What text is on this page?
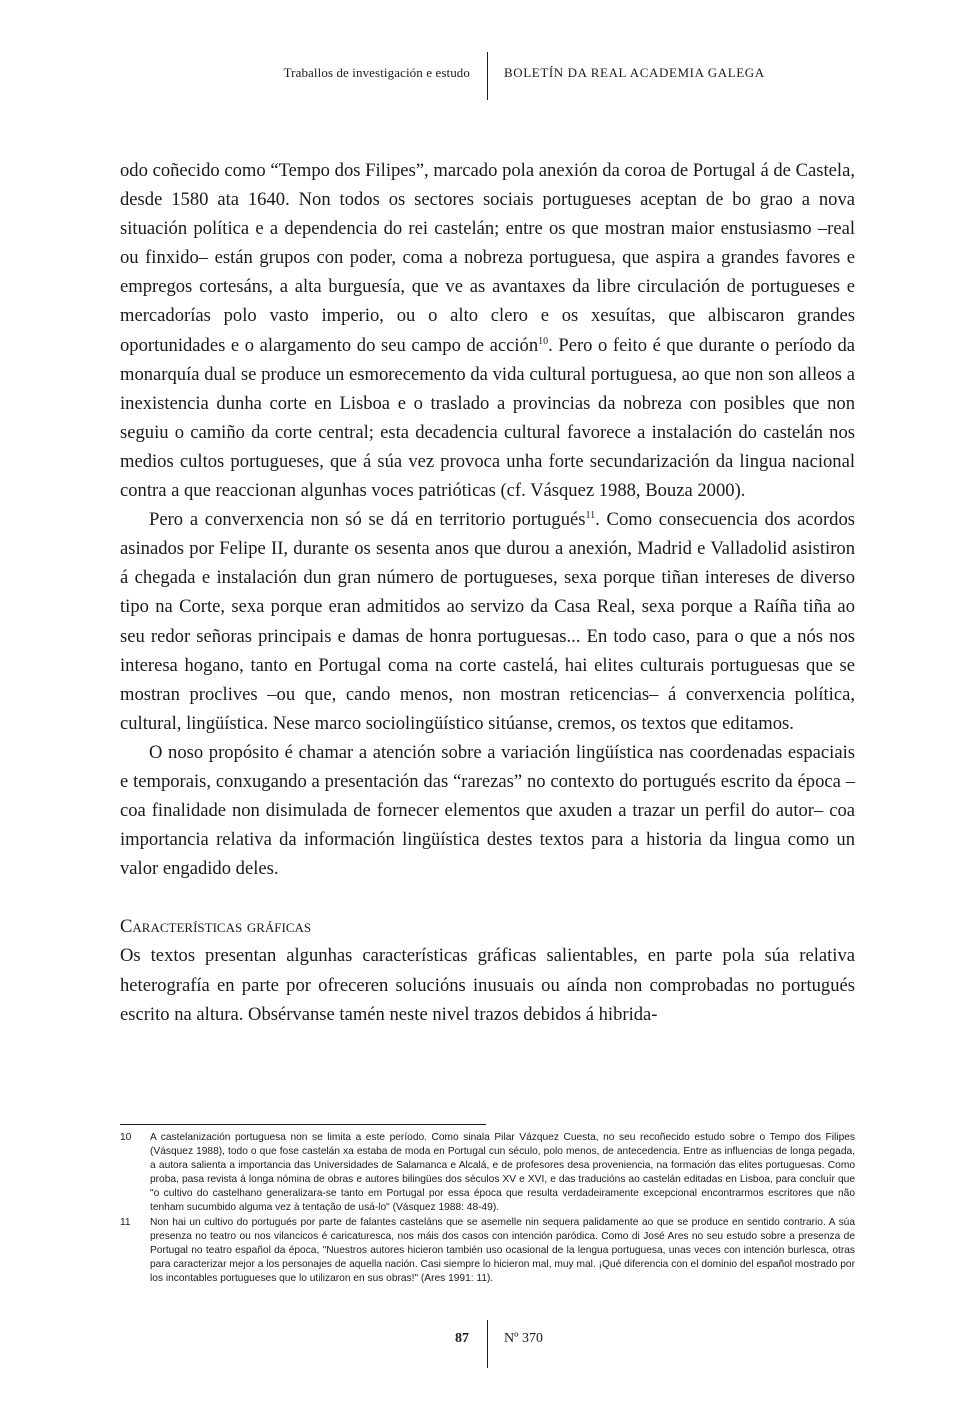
Traballos de investigación e estudo	BOLETÍN DA REAL ACADEMIA GALEGA

odo coñecido como “Tempo dos Filipes”, marcado pola anexión da coroa de Portugal á de Castela, desde 1580 ata 1640. Non todos os sectores sociais portugueses aceptan de bo grao a nova situación política e a dependencia do rei castelán; entre os que mostran maior enstusiasmo –real ou finxido– están grupos con poder, coma a nobreza portuguesa, que aspira a grandes favores e empregos cortesáns, a alta burguesía, que ve as avantaxes da libre circulación de portugueses e mercadorías polo vasto imperio, ou o alto clero e os xesuítas, que albiscaron grandes oportunidades e o alargamento do seu campo de acción$^{10}$. Pero o feito é que durante o período da monarquía dual se produce un esmorecemento da vida cultural portuguesa, ao que non son alleos a inexistencia dunha corte en Lisboa e o traslado a provincias da nobreza con posibles que non seguiu o camiño da corte central; esta decadencia cultural favorece a instalación do castelán nos medios cultos portugueses, que á súa vez provoca unha forte secundarización da lingua nacional contra a que reaccionan algunhas voces patrióticas (cf. Vásquez 1988, Bouza 2000).

Pero a converxencia non só se dá en territorio portugués$^{11}$. Como consecuencia dos acordos asinados por Felipe II, durante os sesenta anos que durou a anexión, Madrid e Valladolid asistiron á chegada e instalación dun gran número de portugueses, sexa porque tiñan intereses de diverso tipo na Corte, sexa porque eran admitidos ao servizo da Casa Real, sexa porque a Raíña tiña ao seu redor señoras principais e damas de honra portuguesas... En todo caso, para o que a nós nos interesa hogano, tanto en Portugal coma na corte castelá, hai elites culturais portuguesas que se mostran proclives –ou que, cando menos, non mostran reticencias– á converxencia política, cultural, lingüística. Nese marco sociolingüístico sitúanse, cremos, os textos que editamos.

O noso propósito é chamar a atención sobre a variación lingüística nas coordenadas espaciais e temporais, conxugando a presentación das “rarezas” no contexto do portugués escrito da época –coa finalidade non disimulada de fornecer elementos que axuden a trazar un perfil do autor– coa importancia relativa da información lingüística destes textos para a historia da lingua como un valor engadido deles.

Características gráficas

Os textos presentan algunhas características gráficas salientables, en parte pola súa relativa heterografía en parte por ofreceren solucións inusuais ou aínda non comprobadas no portugués escrito na altura. Obsérvanse tamén neste nivel trazos debidos á hibrida-

10	A castelanización portuguesa non se limita a este período. Como sinala Pilar Vázquez Cuesta, no seu recoñecido estudo sobre o Tempo dos Filipes (Vásquez 1988), todo o que fose castelán xa estaba de moda en Portugal cun século, polo menos, de antecedencia. Entre as influencias de longa pegada, a autora salienta a importancia das Universidades de Salamanca e Alcalá, e de profesores desa proveniencia, na formación das elites portuguesas. Como proba, pasa revista á longa nómina de obras e autores bilingües dos séculos XV e XVI, e das traducións ao castelán editadas en Lisboa, para concluír que "o cultivo do castelhano generalizara-se tanto em Portugal por essa época que resulta verdadeiramente excepcional encontrarmos escritores que não tenham sucumbido alguma vez à tentação de usá-lo" (Vásquez 1988: 48-49).
11	Non hai un cultivo do portugués por parte de falantes casteláns que se asemelle nin sequera palidamente ao que se produce en sentido contrario. A súa presenza no teatro ou nos vilancicos é caricaturesca, nos máis dos casos con intención paródica. Como di José Ares no seu estudo sobre a presenza de Portugal no teatro español da época, "Nuestros autores hicieron también uso ocasional de la lengua portuguesa, unas veces con intención burlesca, otras para caracterizar mejor a los personajes de aquella nación. Casi siempre lo hicieron mal, muy mal. ¡Qué diferencia con el dominio del español mostrado por los incontables portugueses que lo utilizaron en sus obras!" (Ares 1991: 11).
87	Nº 370
